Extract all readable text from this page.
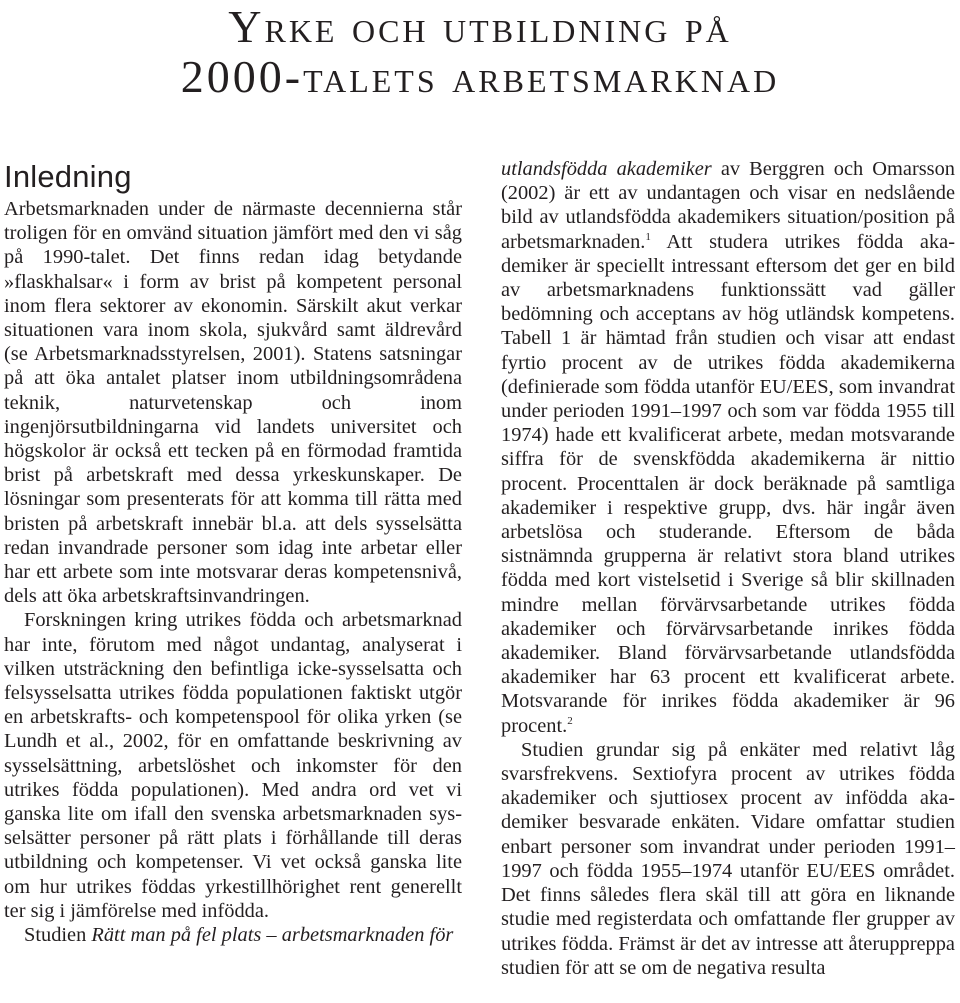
Yrke och utbildning på
2000-talets arbetsmarknad
Inledning

Arbetsmarknaden under de närmaste decennierna står troligen för en omvänd situation jämfört med den vi såg på 1990-talet. Det finns redan idag betydande »flaskhalsar« i form av brist på kompetent personal inom flera sektorer av ekonomin. Särskilt akut verkar situationen vara inom skola, sjukvård samt äldrevård (se Arbetsmarknadsstyrelsen, 2001). Statens satsningar på att öka antalet platser inom utbildningsområdena teknik, naturvetenskap och inom ingenjörsutbildningarna vid landets universitet och högskolor är också ett tecken på en förmodad framtida brist på arbetskraft med dessa yrkeskunskaper. De lösningar som presenterats för att komma till rätta med bristen på arbetskraft innebär bl.a. att dels sysselsätta redan invandrade personer som idag inte arbetar eller har ett arbete som inte motsvarar deras kompetensnivå, dels att öka arbetskraftsinvandringen.

Forskningen kring utrikes födda och arbetsmarknad har inte, förutom med något undantag, analyserat i vilken utsträckning den befintliga icke-sysselsatta och felsysselsatta utrikes födda populationen faktiskt utgör en arbetskrafts- och kompetenspool för olika yrken (se Lundh et al., 2002, för en omfattande beskrivning av sysselsättning, arbetslöshet och inkomster för den utrikes födda populationen). Med andra ord vet vi ganska lite om ifall den svenska arbetsmarknaden sysselsätter personer på rätt plats i förhållande till deras utbildning och kompetenser. Vi vet också ganska lite om hur utrikes föddas yrkestillhörighet rent generellt ter sig i jämförelse med infödda.

Studien Rätt man på fel plats – arbetsmarknaden för

utlandsfödda akademiker av Berggren och Omarsson (2002) är ett av undantagen och visar en nedslående bild av utlandsfödda akademikers situation/position på arbetsmarknaden.$^1$ Att studera utrikes födda akademiker är speciellt intressant eftersom det ger en bild av arbetsmarknadens funktionssätt vad gäller bedömning och acceptans av hög utländsk kompetens. Tabell 1 är hämtad från studien och visar att endast fyrtio procent av de utrikes födda akademikerna (definierade som födda utanför EU/EES, som invandrat under perioden 1991–1997 och som var födda 1955 till 1974) hade ett kvalificerat arbete, medan motsvarande siffra för de svenskfödda akademikerna är nittio procent. Procenttalen är dock beräknade på samtliga akademiker i respektive grupp, dvs. här ingår även arbetslösa och studerande. Eftersom de båda sistnämnda grupperna är relativt stora bland utrikes födda med kort vistelsetid i Sverige så blir skillnaden mindre mellan förvärvsarbetande utrikes födda akademiker och förvärvsarbetande inrikes födda akademiker. Bland förvärvsarbetande utlandsfödda akademiker har 63 procent ett kvalificerat arbete. Motsvarande för inrikes födda akademiker är 96 procent.$^2$

Studien grundar sig på enkäter med relativt låg svarsfrekvens. Sextiofyra procent av utrikes födda akademiker och sjuttiosex procent av infödda akademiker besvarade enkäten. Vidare omfattar studien enbart personer som invandrat under perioden 1991–1997 och födda 1955–1974 utanför EU/EES området. Det finns således flera skäl till att göra en liknande studie med registerdata och omfattande fler grupper av utrikes födda. Främst är det av intresse att återuppreppa studien för att se om de negativa resulta
